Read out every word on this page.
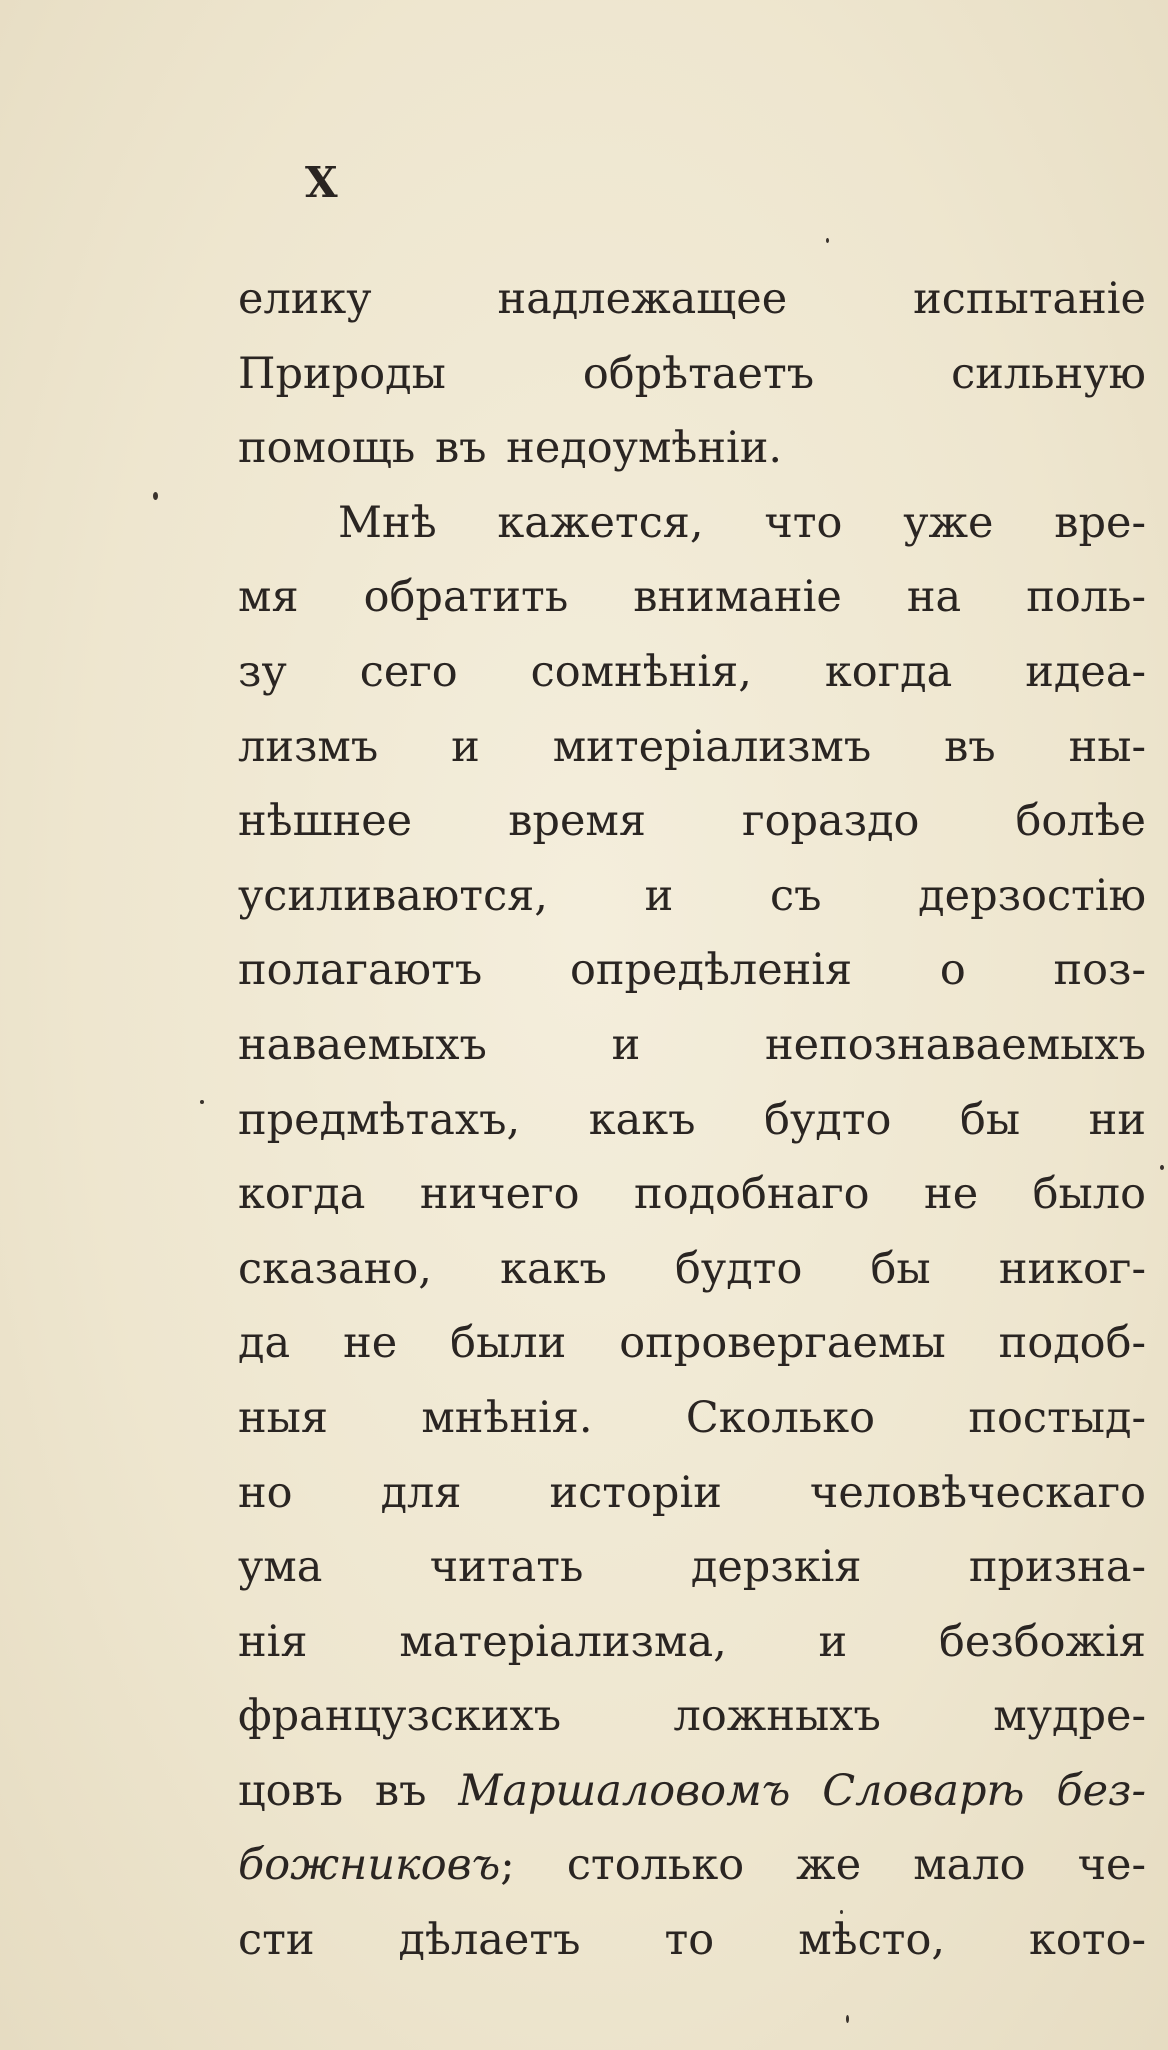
X
елику надлежащее испытаніе
Природы обрѣтаетъ сильную
помощь въ недоумѣніи.
Мнѣ кажется, что уже вре-
мя обратить вниманіе на поль-
зу сего сомнѣнія, когда идеа-
лизмъ и митеріализмъ въ ны-
нѣшнее время гораздо болѣе
усиливаются, и съ дерзостію
полагаютъ опредѣленія о поз-
наваемыхъ и непознаваемыхъ
предмѣтахъ, какъ будто бы ни
когда ничего подобнаго не было
сказано, какъ будто бы никог-
да не были опровергаемы подоб-
ныя мнѣнія. Сколько постыд-
но для исторіи человѣческаго
ума читать дерзкія призна-
нія матеріализма, и безбожія
французскихъ ложныхъ мудре-
цовъ въ Маршаловомъ Словарѣ без-
божниковъ; столько же мало че-
сти дѣлаетъ то мѣсто, кото-
